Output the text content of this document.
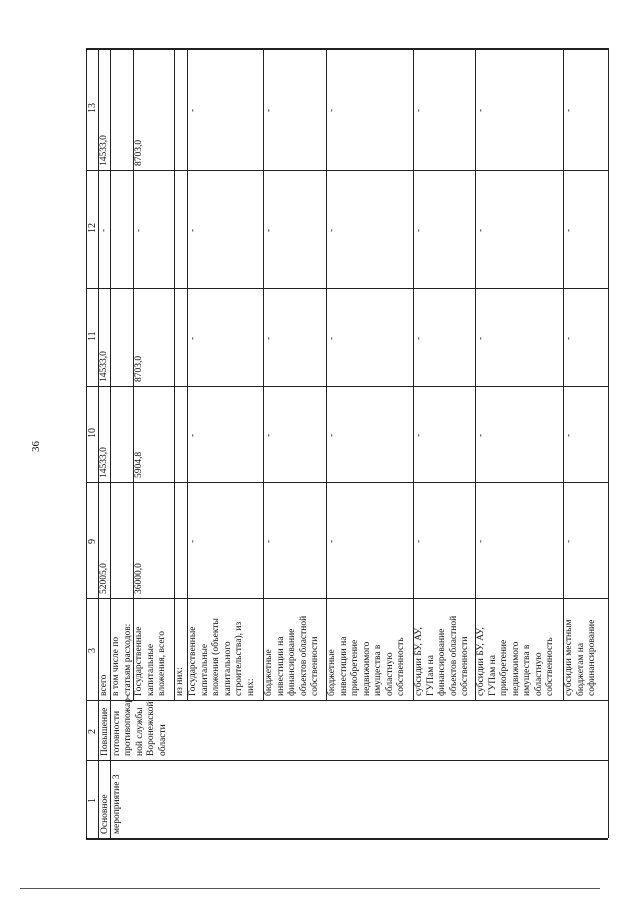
36
1
2
3
9
10
11
12
13
Основное мероприятие 3
Повышение готовности противопожар- ной службы Воронежской области
всего
52005,0
14533,0
14533,0
-
14533,0
в том числе по статьям расходов: Государственные капитальные вложения, всего
36000,0
5904,8
8703,0
-
8703,0
из них: Государственные капитальные вложения (объекты капитального строительства), из них:
-
-
-
-
-
бюджетные инвестиции на финансирование объектов областной собственности
-
-
-
-
-
бюджетные инвестиции на приобретение недвижимого имущества в областную собственность
-
-
-
-
-
субсидии БУ, АУ, ГУПам на финансирование объектов областной собственности
-
-
-
-
-
субсидии БУ, АУ, ГУПам на приобретение недвижимого имущества в областную собственность
-
-
-
-
-
субсидии местным бюджетам на софинансирование
-
-
-
-
-
